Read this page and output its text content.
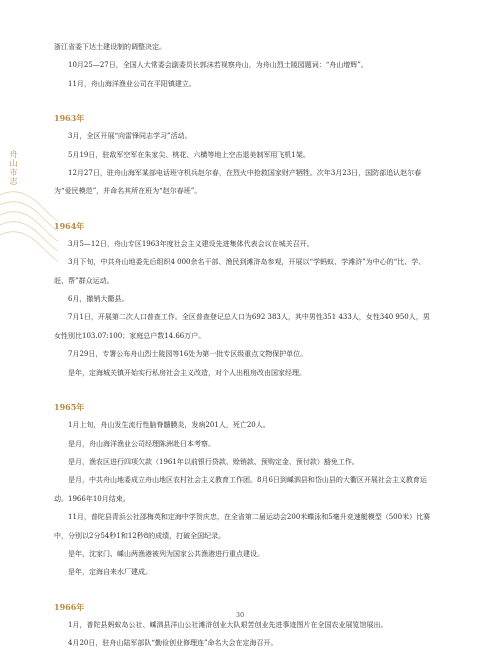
舟山市志

浙江省委下达土建设制的调整决定。

10月25—27日，全国人大常委会副委员长郭沫若视察舟山，为舟山烈士陵园题词：“舟山增辉”。

11月，舟山海洋渔业公司在平阳镇建立。

1963年

3月，全区开展“向雷锋同志学习”活动。

5月19日，驻敌军空军在朱家尖、桃花、六横等地上空击退美制军用飞机1架。

12月27日，驻舟山海军某部电话班守机兵赵尔春，在烈火中抢救国家财产牺牲。次年3月23日，国防部追认赵尔春为“爱民模范”，并命名其所在班为“赵尔春班”。

1964年

3月5—12日，舟山专区1963年度社会主义建设先进集体代表会议在城关召开。

3月下旬，中共舟山地委先后组织4 000余名干部、渔民到滩浒岛参观，开展以“学蚂蚁、学滩浒”为中心的“比、学、赶、帮”群众运动。

6月，撤销大衢县。

7月1日，开展第二次人口普查工作。全区普查登记总人口为692 383人，其中男性351 433人，女性340 950人，男女性别比103.07:100；家庭总户数14.66万户。

7月29日，专署公布舟山烈士陵园等16处为第一批专区级重点文物保护单位。

是年，定海城关镇开始实行私房社会主义改造，对个人出租房改由国家经理。

1965年

1月上旬，舟山发生流行性脑脊髓膜炎，发病201人，死亡20人。

是月，舟山海洋渔业公司经理陈洲赴日本考察。

是月，渔农区进行四项欠款（1961年以前银行贷款、赊销款、预购定金、预付款）豁免工作。

是月，中共舟山地委成立舟山地区农村社会主义教育工作团。8月6日到嵊泗县和岱山县的大衢区开展社会主义教育运动。1966年10月结束。

11月，普陀县青浜公社邵梅英和定海中学贺庆忠，在全省第二届运动会200米蝶泳和5毫升竞速艇模型（500米）比赛中，分别以2分54秒1和12秒8的成绩，打破全国纪录。

是年，沈家门、嵊山两渔港被列为国家公共渔港进行重点建设。

是年，定海自来水厂建成。

1966年

1月，普陀县蚂蚁岛公社、嵊泗县洋山公社滩浒创业大队艰苦创业先进事迹图片在全国农业展览馆展出。

4月20日，驻舟山陆军部队“勤俭创业修理连”命名大会在定海召开。

30
